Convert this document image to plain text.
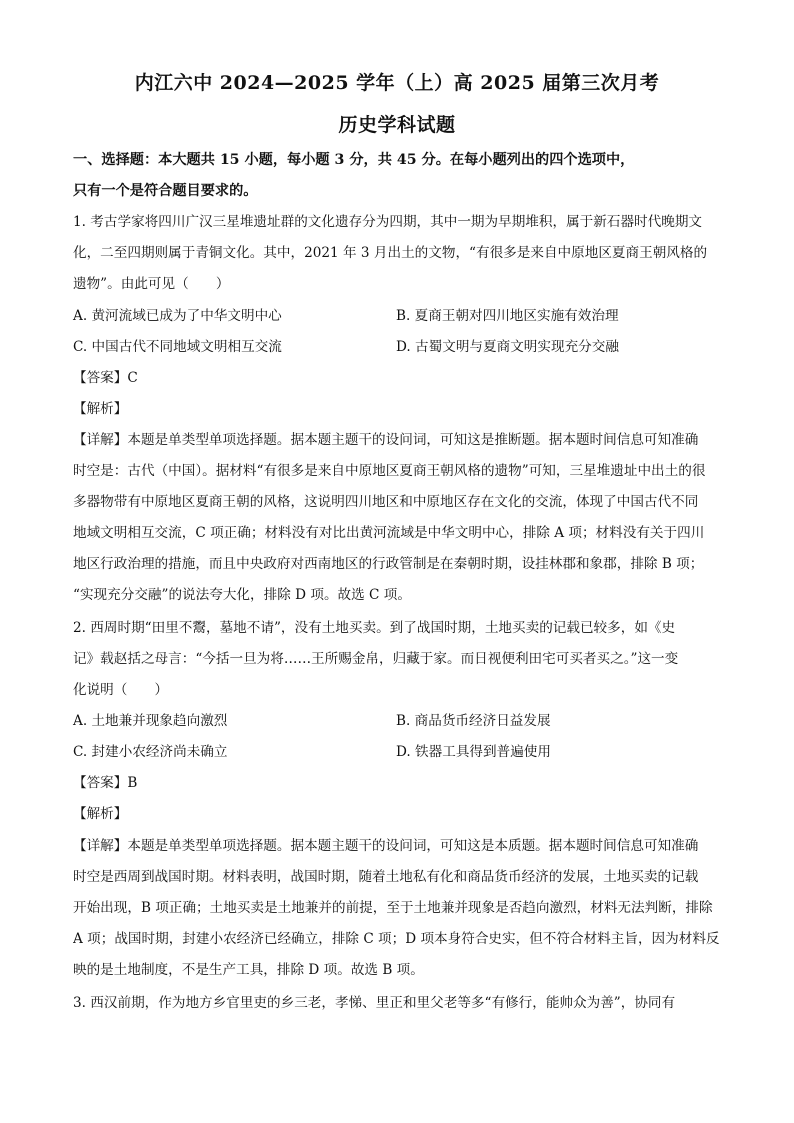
内江六中 2024—2025 学年（上）高 2025 届第三次月考
历史学科试题
一、选择题：本大题共 15 小题，每小题 3 分，共 45 分。在每小题列出的四个选项中，
只有一个是符合题目要求的。
1. 考古学家将四川广汉三星堆遗址群的文化遗存分为四期，其中一期为早期堆积，属于新石器时代晚期文
化，二至四期则属于青铜文化。其中，2021 年 3 月出土的文物，“有很多是来自中原地区夏商王朝风格的
遗物”。由此可见（　　）
A. 黄河流域已成为了中华文明中心	B. 夏商王朝对四川地区实施有效治理
C. 中国古代不同地域文明相互交流	D. 古蜀文明与夏商文明实现充分交融
【答案】C
【解析】
【详解】本题是单类型单项选择题。据本题主题干的设问词，可知这是推断题。据本题时间信息可知准确
时空是：古代（中国）。据材料“有很多是来自中原地区夏商王朝风格的遗物”可知，三星堆遗址中出土的很
多器物带有中原地区夏商王朝的风格，这说明四川地区和中原地区存在文化的交流，体现了中国古代不同
地域文明相互交流，C 项正确；材料没有对比出黄河流域是中华文明中心，排除 A 项；材料没有关于四川
地区行政治理的措施，而且中央政府对西南地区的行政管制是在秦朝时期，设挂林郡和象郡，排除 B 项；
“实现充分交融”的说法夸大化，排除 D 项。故选 C 项。
2. 西周时期“田里不鬻，墓地不请”，没有土地买卖。到了战国时期，土地买卖的记载已较多，如《史
记》载赵括之母言：“今括一旦为将……王所赐金帛，归藏于家。而日视便利田宅可买者买之。”这一变
化说明（　　）
A. 土地兼并现象趋向激烈	B. 商品货币经济日益发展
C. 封建小农经济尚未确立	D. 铁器工具得到普遍使用
【答案】B
【解析】
【详解】本题是单类型单项选择题。据本题主题干的设问词，可知这是本质题。据本题时间信息可知准确
时空是西周到战国时期。材料表明，战国时期，随着土地私有化和商品货币经济的发展，土地买卖的记载
开始出现，B 项正确；土地买卖是土地兼并的前提，至于土地兼并现象是否趋向激烈，材料无法判断，排除
A 项；战国时期，封建小农经济已经确立，排除 C 项；D 项本身符合史实，但不符合材料主旨，因为材料反
映的是土地制度，不是生产工具，排除 D 项。故选 B 项。
3. 西汉前期，作为地方乡官里吏的乡三老，孝悌、里正和里父老等多“有修行，能帅众为善”，协同有
